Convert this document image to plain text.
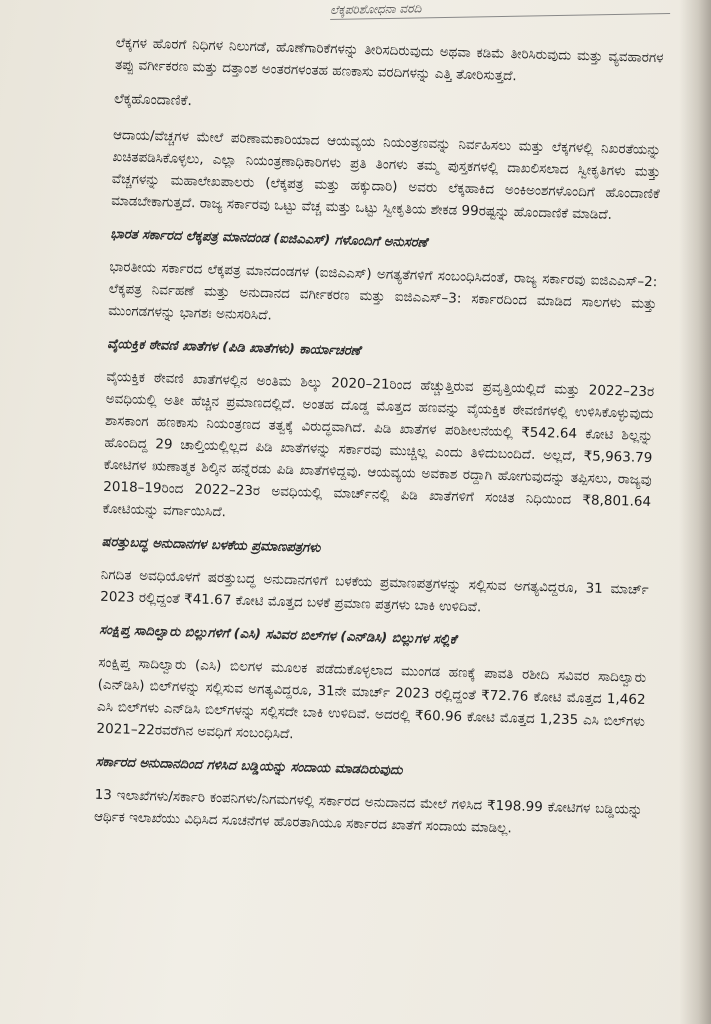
ಲೆಕ್ಕಪರಿಶೋಧನಾ ವರದಿ

ಲೆಕ್ಕಗಳ ಹೊರಗೆ ನಿಧಿಗಳ ನಿಲುಗಡೆ, ಹೊಣೆಗಾರಿಕೆಗಳನ್ನು ತೀರಿಸದಿರುವುದು ಅಥವಾ ಕಡಿಮೆ ತೀರಿಸಿರುವುದು ಮತ್ತು ವ್ಯವಹಾರಗಳ ತಪ್ಪು ವರ್ಗೀಕರಣ ಮತ್ತು ದತ್ತಾಂಶ ಅಂತರಗಳಂತಹ ಹಣಕಾಸು ವರದಿಗಳನ್ನು ಎತ್ತಿ ತೋರಿಸುತ್ತದೆ.

ಲೆಕ್ಕಹೊಂದಾಣಿಕೆ.

ಆದಾಯ/ವೆಚ್ಚಗಳ ಮೇಲೆ ಪರಿಣಾಮಕಾರಿಯಾದ ಆಯವ್ಯಯ ನಿಯಂತ್ರಣವನ್ನು ನಿರ್ವಹಿಸಲು ಮತ್ತು ಲೆಕ್ಕಗಳಲ್ಲಿ ನಿಖರತೆಯನ್ನು ಖಚಿತಪಡಿಸಿಕೊಳ್ಳಲು, ಎಲ್ಲಾ ನಿಯಂತ್ರಣಾಧಿಕಾರಿಗಳು ಪ್ರತಿ ತಿಂಗಳು ತಮ್ಮ ಪುಸ್ತಕಗಳಲ್ಲಿ ದಾಖಲಿಸಲಾದ ಸ್ವೀಕೃತಿಗಳು ಮತ್ತು ವೆಚ್ಚಗಳನ್ನು ಮಹಾಲೇಖಪಾಲರು (ಲೆಕ್ಕಪತ್ರ ಮತ್ತು ಹಕ್ಕುದಾರಿ) ಅವರು ಲೆಕ್ಕಹಾಕಿದ ಅಂಕಿಅಂಶಗಳೊಂದಿಗೆ ಹೊಂದಾಣಿಕೆ ಮಾಡಬೇಕಾಗುತ್ತದೆ. ರಾಜ್ಯ ಸರ್ಕಾರವು ಒಟ್ಟು ವೆಚ್ಚ ಮತ್ತು ಒಟ್ಟು ಸ್ವೀಕೃತಿಯ ಶೇಕಡ 99ರಷ್ಟನ್ನು ಹೊಂದಾಣಿಕೆ ಮಾಡಿದೆ.

ಭಾರತ ಸರ್ಕಾರದ ಲೆಕ್ಕಪತ್ರ ಮಾನದಂಡ (ಐಜಿಎಎಸ್) ಗಳೊಂದಿಗೆ ಅನುಸರಣೆ

ಭಾರತೀಯ ಸರ್ಕಾರದ ಲೆಕ್ಕಪತ್ರ ಮಾನದಂಡಗಳ (ಐಜಿಎಎಸ್) ಅಗತ್ಯತೆಗಳಿಗೆ ಸಂಬಂಧಿಸಿದಂತೆ, ರಾಜ್ಯ ಸರ್ಕಾರವು ಐಜಿಎಎಸ್–2: ಲೆಕ್ಕಪತ್ರ ನಿರ್ವಹಣೆ ಮತ್ತು ಅನುದಾನದ ವರ್ಗೀಕರಣ ಮತ್ತು ಐಜಿಎಎಸ್–3: ಸರ್ಕಾರದಿಂದ ಮಾಡಿದ ಸಾಲಗಳು ಮತ್ತು ಮುಂಗಡಗಳನ್ನು ಭಾಗಶಃ ಅನುಸರಿಸಿದೆ.

ವೈಯಕ್ತಿಕ ಠೇವಣಿ ಖಾತೆಗಳ (ಪಿಡಿ ಖಾತೆಗಳು) ಕಾರ್ಯಾಚರಣೆ

ವೈಯಕ್ತಿಕ ಠೇವಣಿ ಖಾತೆಗಳಲ್ಲಿನ ಅಂತಿಮ ಶಿಲ್ಕು 2020–21ರಿಂದ ಹೆಚ್ಚುತ್ತಿರುವ ಪ್ರವೃತ್ತಿಯಲ್ಲಿದೆ ಮತ್ತು 2022–23ರ ಅವಧಿಯಲ್ಲಿ ಅತೀ ಹೆಚ್ಚಿನ ಪ್ರಮಾಣದಲ್ಲಿದೆ. ಅಂತಹ ದೊಡ್ಡ ಮೊತ್ತದ ಹಣವನ್ನು ವೈಯಕ್ತಿಕ ಠೇವಣಿಗಳಲ್ಲಿ ಉಳಿಸಿಕೊಳ್ಳುವುದು ಶಾಸಕಾಂಗ ಹಣಕಾಸು ನಿಯಂತ್ರಣದ ತತ್ವಕ್ಕೆ ವಿರುದ್ಧವಾಗಿದೆ. ಪಿಡಿ ಖಾತೆಗಳ ಪರಿಶೀಲನೆಯಲ್ಲಿ ₹542.64 ಕೋಟಿ ಶಿಲ್ಲನ್ನು ಹೊಂದಿದ್ದ 29 ಚಾಲ್ತಿಯಲ್ಲಿಲ್ಲದ ಪಿಡಿ ಖಾತೆಗಳನ್ನು ಸರ್ಕಾರವು ಮುಚ್ಚಿಲ್ಲ ಎಂದು ತಿಳಿದುಬಂದಿದೆ. ಅಲ್ಲದೆ, ₹5,963.79 ಕೋಟಿಗಳ ಋಣಾತ್ಮಕ ಶಿಲ್ಕಿನ ಹನ್ನೆರಡು ಪಿಡಿ ಖಾತೆಗಳಿದ್ದವು. ಆಯವ್ಯಯ ಅವಕಾಶ ರದ್ದಾಗಿ ಹೋಗುವುದನ್ನು ತಪ್ಪಿಸಲು, ರಾಜ್ಯವು 2018–19ರಿಂದ 2022–23ರ ಅವಧಿಯಲ್ಲಿ ಮಾರ್ಚ್‌ನಲ್ಲಿ ಪಿಡಿ ಖಾತೆಗಳಿಗೆ ಸಂಚಿತ ನಿಧಿಯಿಂದ ₹8,801.64 ಕೋಟಿಯನ್ನು ವರ್ಗಾಯಿಸಿದೆ.

ಷರತ್ತುಬದ್ಧ ಅನುದಾನಗಳ ಬಳಕೆಯ ಪ್ರಮಾಣಪತ್ರಗಳು

ನಿಗದಿತ ಅವಧಿಯೊಳಗೆ ಷರತ್ತುಬದ್ಧ ಅನುದಾನಗಳಿಗೆ ಬಳಕೆಯ ಪ್ರಮಾಣಪತ್ರಗಳನ್ನು ಸಲ್ಲಿಸುವ ಅಗತ್ಯವಿದ್ದರೂ, 31 ಮಾರ್ಚ್ 2023 ರಲ್ಲಿದ್ದಂತೆ ₹41.67 ಕೋಟಿ ಮೊತ್ತದ ಬಳಕೆ ಪ್ರಮಾಣ ಪತ್ರಗಳು ಬಾಕಿ ಉಳಿದಿವೆ.

ಸಂಕ್ಷಿಪ್ತ ಸಾದಿಲ್ವಾರು ಬಿಲ್ಲುಗಳಿಗೆ (ಎಸಿ) ಸವಿವರ ಬಿಲ್‌ಗಳ (ಎನ್‌ಡಿಸಿ) ಬಿಲ್ಲುಗಳ ಸಲ್ಲಿಕೆ

ಸಂಕ್ಷಿಪ್ತ ಸಾದಿಲ್ವಾರು (ಎಸಿ) ಬಿಲಗಳ ಮೂಲಕ ಪಡೆದುಕೊಳ್ಳಲಾದ ಮುಂಗಡ ಹಣಕ್ಕೆ ಪಾವತಿ ರಶೀದಿ ಸವಿವರ ಸಾದಿಲ್ವಾರು (ಎನ್‌ಡಿಸಿ) ಬಿಲ್‌ಗಳನ್ನು ಸಲ್ಲಿಸುವ ಅಗತ್ಯವಿದ್ದರೂ, 31ನೇ ಮಾರ್ಚ್ 2023 ರಲ್ಲಿದ್ದಂತೆ ₹72.76 ಕೋಟಿ ಮೊತ್ತದ 1,462 ಎಸಿ ಬಿಲ್‌ಗಳು ಎನ್‌ಡಿಸಿ ಬಿಲ್‌ಗಳನ್ನು ಸಲ್ಲಿಸದೇ ಬಾಕಿ ಉಳಿದಿವೆ. ಅದರಲ್ಲಿ ₹60.96 ಕೋಟಿ ಮೊತ್ತದ 1,235 ಎಸಿ ಬಿಲ್‌ಗಳು 2021–22ರವರೆಗಿನ ಅವಧಿಗೆ ಸಂಬಂಧಿಸಿದೆ.

ಸರ್ಕಾರದ ಅನುದಾನದಿಂದ ಗಳಿಸಿದ ಬಡ್ಡಿಯನ್ನು ಸಂದಾಯ ಮಾಡದಿರುವುದು

13 ಇಲಾಖೆಗಳು/ಸರ್ಕಾರಿ ಕಂಪನಿಗಳು/ನಿಗಮಗಳಲ್ಲಿ ಸರ್ಕಾರದ ಅನುದಾನದ ಮೇಲೆ ಗಳಿಸಿದ ₹198.99 ಕೋಟಿಗಳ ಬಡ್ಡಿಯನ್ನು ಆರ್ಥಿಕ ಇಲಾಖೆಯು ವಿಧಿಸಿದ ಸೂಚನೆಗಳ ಹೊರತಾಗಿಯೂ ಸರ್ಕಾರದ ಖಾತೆಗೆ ಸಂದಾಯ ಮಾಡಿಲ್ಲ.
